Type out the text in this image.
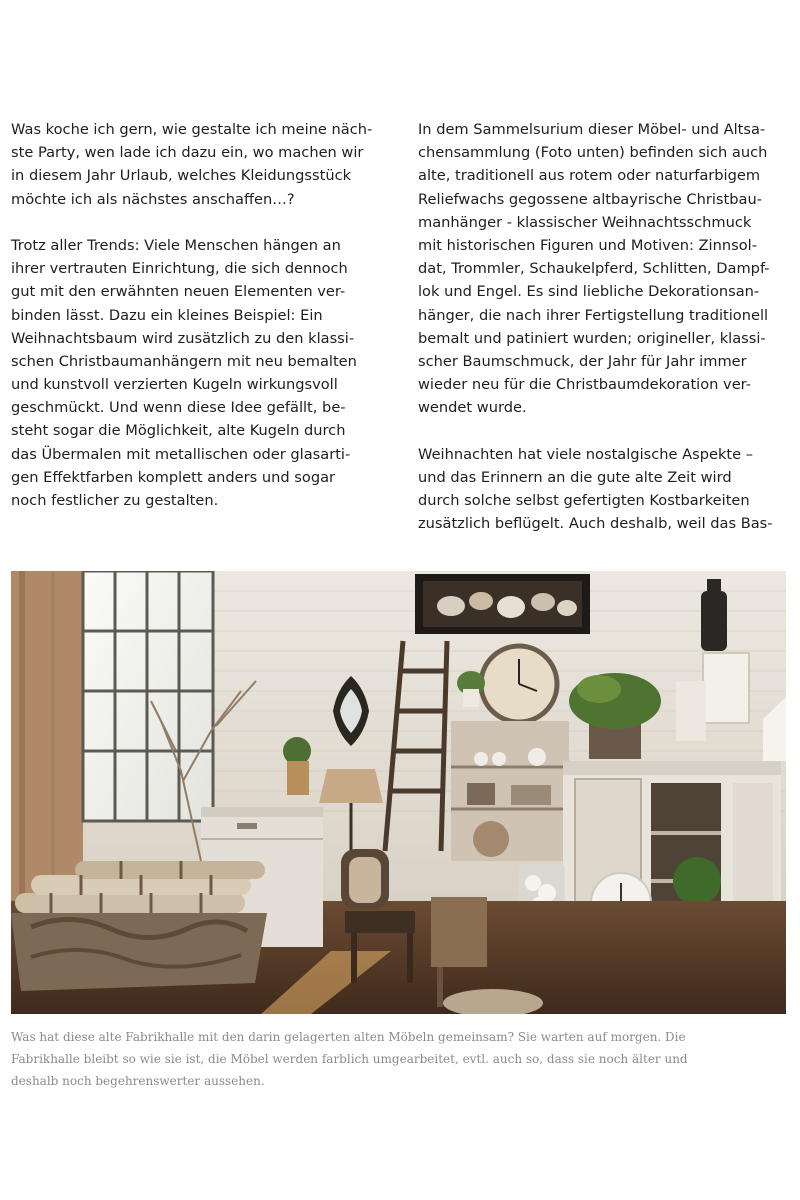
Was koche ich gern, wie gestalte ich meine näch-
ste Party, wen lade ich dazu ein, wo machen wir
in diesem Jahr Urlaub, welches Kleidungsstück
möchte ich als nächstes anschaffen…?
Trotz aller Trends: Viele Menschen hängen an
ihrer vertrauten Einrichtung, die sich dennoch
gut mit den erwähnten neuen Elementen ver-
binden lässt. Dazu ein kleines Beispiel: Ein
Weihnachtsbaum wird zusätzlich zu den klassi-
schen Christbaumanhängern mit neu bemalten
und kunstvoll verzierten Kugeln wirkungsvoll
geschmückt. Und wenn diese Idee gefällt, be-
steht sogar die Möglichkeit, alte Kugeln durch
das Übermalen mit metallischen oder glasarti-
gen Effektfarben komplett anders und sogar
noch festlicher zu gestalten.
In dem Sammelsurium dieser Möbel- und Altsa-
chensammlung (Foto unten) befinden sich auch
alte, traditionell aus rotem oder naturfarbigem
Reliefwachs gegossene altbayrische Christbau-
manhänger - klassischer Weihnachtsschmuck
mit historischen Figuren und Motiven: Zinnsol-
dat, Trommler, Schaukelpferd, Schlitten, Dampf-
lok und Engel. Es sind liebliche Dekorationsan-
hänger, die nach ihrer Fertigstellung traditionell
bemalt und patiniert wurden; origineller, klassi-
scher Baumschmuck, der Jahr für Jahr immer
wieder neu für die Christbaumdekoration ver-
wendet wurde.
Weihnachten hat viele nostalgische Aspekte –
und das Erinnern an die gute alte Zeit wird
durch solche selbst gefertigten Kostbarkeiten
zusätzlich beflügelt. Auch deshalb, weil das Bas-
Was hat diese alte Fabrikhalle mit den darin gelagerten alten Möbeln gemeinsam? Sie warten auf morgen. Die
Fabrikhalle bleibt so wie sie ist, die Möbel werden farblich umgearbeitet, evtl. auch so, dass sie noch älter und
deshalb noch begehrenswerter aussehen.
